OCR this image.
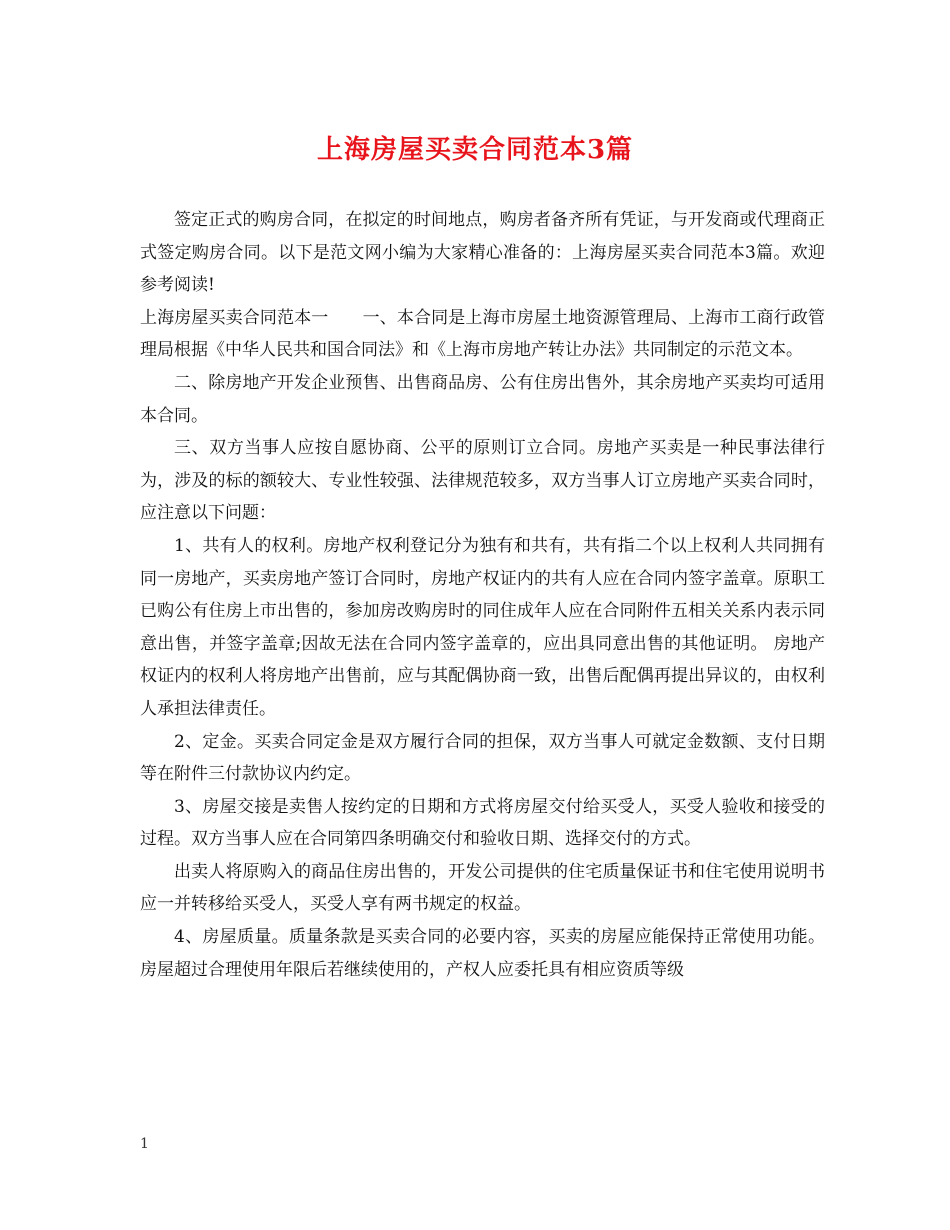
上海房屋买卖合同范本3篇

签定正式的购房合同，在拟定的时间地点，购房者备齐所有凭证，与开发商或代理商正式签定购房合同。以下是范文网小编为大家精心准备的：上海房屋买卖合同范本3篇。欢迎参考阅读!

上海房屋买卖合同范本一　　一、本合同是上海市房屋土地资源管理局、上海市工商行政管理局根据《中华人民共和国合同法》和《上海市房地产转让办法》共同制定的示范文本。

二、除房地产开发企业预售、出售商品房、公有住房出售外，其余房地产买卖均可适用本合同。

三、双方当事人应按自愿协商、公平的原则订立合同。房地产买卖是一种民事法律行为，涉及的标的额较大、专业性较强、法律规范较多，双方当事人订立房地产买卖合同时，应注意以下问题：

1、共有人的权利。房地产权利登记分为独有和共有，共有指二个以上权利人共同拥有同一房地产，买卖房地产签订合同时，房地产权证内的共有人应在合同内签字盖章。原职工已购公有住房上市出售的，参加房改购房时的同住成年人应在合同附件五相关关系内表示同意出售，并签字盖章;因故无法在合同内签字盖章的，应出具同意出售的其他证明。 房地产权证内的权利人将房地产出售前，应与其配偶协商一致，出售后配偶再提出异议的，由权利人承担法律责任。

2、定金。买卖合同定金是双方履行合同的担保，双方当事人可就定金数额、支付日期等在附件三付款协议内约定。

3、房屋交接是卖售人按约定的日期和方式将房屋交付给买受人，买受人验收和接受的过程。双方当事人应在合同第四条明确交付和验收日期、选择交付的方式。

出卖人将原购入的商品住房出售的，开发公司提供的住宅质量保证书和住宅使用说明书应一并转移给买受人，买受人享有两书规定的权益。

4、房屋质量。质量条款是买卖合同的必要内容，买卖的房屋应能保持正常使用功能。房屋超过合理使用年限后若继续使用的，产权人应委托具有相应资质等级

1
